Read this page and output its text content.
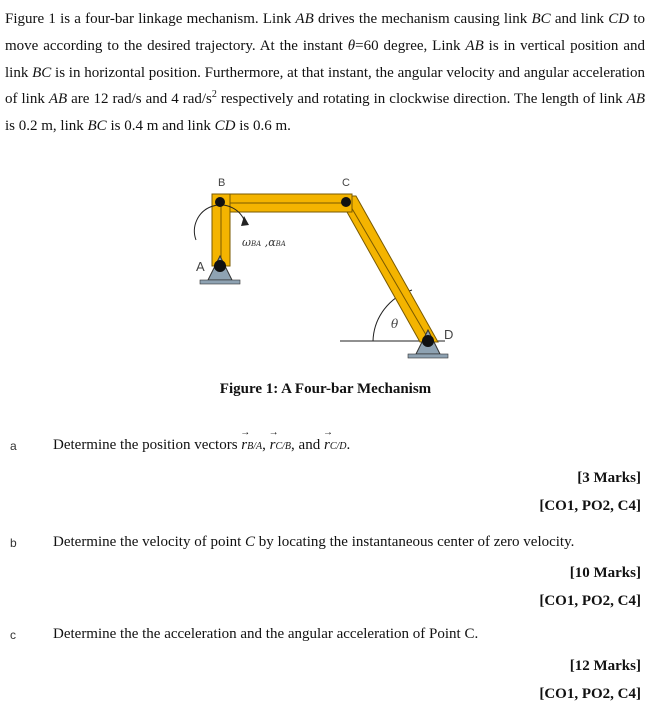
Figure 1 is a four-bar linkage mechanism. Link AB drives the mechanism causing link BC and link CD to move according to the desired trajectory. At the instant θ=60 degree, Link AB is in vertical position and link BC is in horizontal position. Furthermore, at that instant, the angular velocity and angular acceleration of link AB are 12 rad/s and 4 rad/$s^2$ respectively and rotating in clockwise direction. The length of link AB is 0.2 m, link BC is 0.4 m and link CD is 0.6 m.

A
B	C
D
θ
ωBA ,αBA
Figure 1: A Four-bar Mechanism
a Determine the position vectors → rB/A, → rC/B, and → rC/D.
[3 Marks]
[CO1, PO2, C4]
b Determine the velocity of point C by locating the instantaneous center of zero velocity.
[10 Marks]
[CO1, PO2, C4]
c Determine the the acceleration and the angular acceleration of Point C.
[12 Marks]
[CO1, PO2, C4]
